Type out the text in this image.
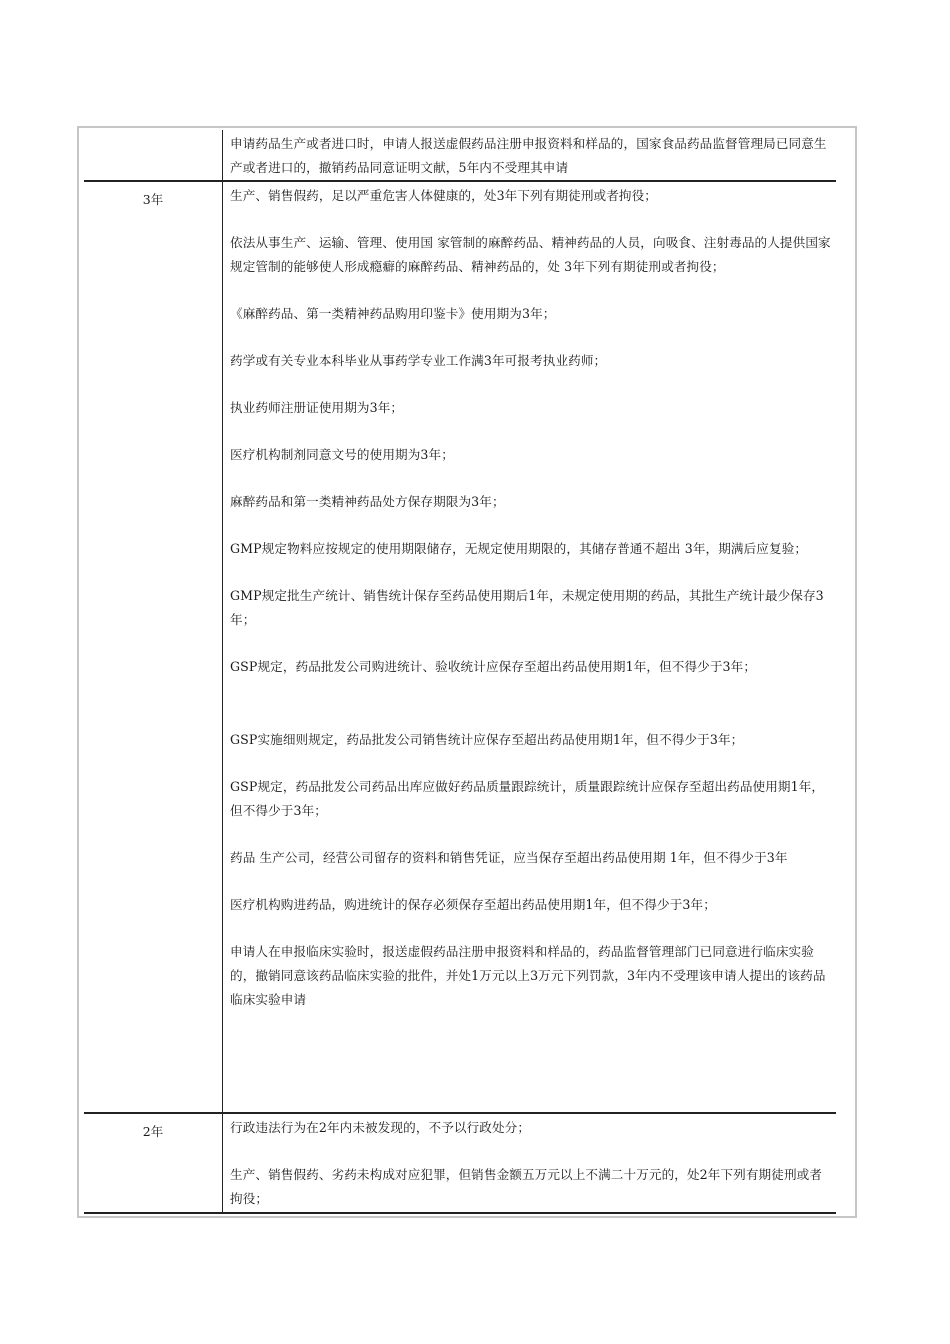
申请药品生产或者进口时，申请人报送虚假药品注册申报资料和样品的，国家食品药品监督管理局已同意生产或者进口的，撤销药品同意证明文献，5年内不受理其申请

3年	生产、销售假药，足以严重危害人体健康的，处3年下列有期徒刑或者拘役；

依法从事生产、运输、管理、使用国 家管制的麻醉药品、精神药品的人员，向吸食、注射毒品的人提供国家规定管制的能够使人形成瘾癖的麻醉药品、精神药品的，处 3年下列有期徒刑或者拘役；

《麻醉药品、第一类精神药品购用印鉴卡》使用期为3年；

药学或有关专业本科毕业从事药学专业工作满3年可报考执业药师；

执业药师注册证使用期为3年；

医疗机构制剂同意文号的使用期为3年；

麻醉药品和第一类精神药品处方保存期限为3年；

GMP规定物料应按规定的使用期限储存，无规定使用期限的，其储存普通不超出 3年，期满后应复验；

GMP规定批生产统计、销售统计保存至药品使用期后1年，未规定使用期的药品，其批生产统计最少保存3年；

GSP规定，药品批发公司购进统计、验收统计应保存至超出药品使用期1年，但不得少于3年；

GSP实施细则规定，药品批发公司销售统计应保存至超出药品使用期1年，但不得少于3年；

GSP规定，药品批发公司药品出库应做好药品质量跟踪统计，质量跟踪统计应保存至超出药品使用期1年，但不得少于3年；

药品 生产公司，经营公司留存的资料和销售凭证，应当保存至超出药品使用期 1年，但不得少于3年

医疗机构购进药品，购进统计的保存必须保存至超出药品使用期1年，但不得少于3年；

申请人在申报临床实验时，报送虚假药品注册申报资料和样品的，药品监督管理部门已同意进行临床实验的，撤销同意该药品临床实验的批件，并处1万元以上3万元下列罚款，3年内不受理该申请人提出的该药品临床实验申请

2年	行政违法行为在2年内未被发现的，不予以行政处分；

生产、销售假药、劣药未构成对应犯罪，但销售金额五万元以上不满二十万元的，处2年下列有期徒刑或者拘役；
